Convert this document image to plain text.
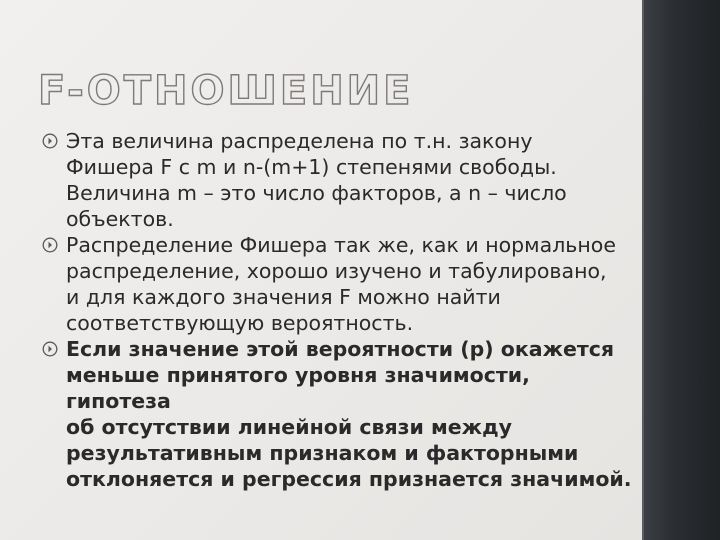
F-ОТНОШЕНИЕ
Эта величина распределена по т.н. закону
Фишера F с m и n-(m+1) степенями свободы.
Величина m – это число факторов, а n – число
объектов.
Распределение Фишера так же, как и нормальное
распределение, хорошо изучено и табулировано,
и для каждого значения F можно найти
соответствующую вероятность.
Если значение этой вероятности (p) окажется
меньше принятого уровня значимости, гипотеза
об отсутствии линейной связи между
результативным признаком и факторными
отклоняется и регрессия признается значимой.
